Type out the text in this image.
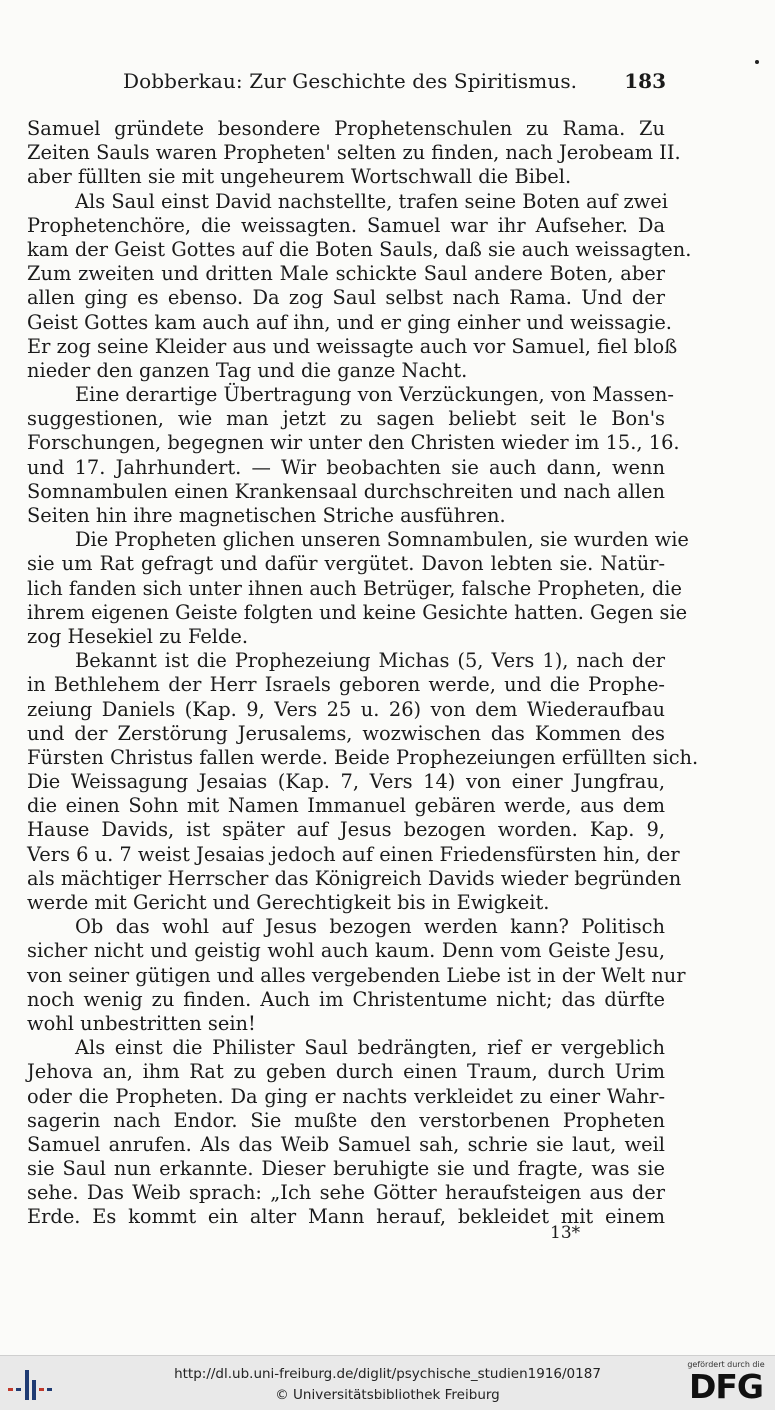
Dobberkau: Zur Geschichte des Spiritismus. 183

Samuel gründete besondere Prophetenschulen zu Rama. Zu
Zeiten Sauls waren Propheten' selten zu finden, nach Jerobeam II.
aber füllten sie mit ungeheurem Wortschwall die Bibel.

Als Saul einst David nachstellte, trafen seine Boten auf zwei
Prophetenchöre, die weissagten. Samuel war ihr Aufseher. Da
kam der Geist Gottes auf die Boten Sauls, daß sie auch weissagten.
Zum zweiten und dritten Male schickte Saul andere Boten, aber
allen ging es ebenso. Da zog Saul selbst nach Rama. Und der
Geist Gottes kam auch auf ihn, und er ging einher und weissagie.
Er zog seine Kleider aus und weissagte auch vor Samuel, fiel bloß
nieder den ganzen Tag und die ganze Nacht.

Eine derartige Übertragung von Verzückungen, von Massen-
suggestionen, wie man jetzt zu sagen beliebt seit le Bon's
Forschungen, begegnen wir unter den Christen wieder im 15., 16.
und 17. Jahrhundert. — Wir beobachten sie auch dann, wenn
Somnambulen einen Krankensaal durchschreiten und nach allen
Seiten hin ihre magnetischen Striche ausführen.

Die Propheten glichen unseren Somnambulen, sie wurden wie
sie um Rat gefragt und dafür vergütet. Davon lebten sie. Natür-
lich fanden sich unter ihnen auch Betrüger, falsche Propheten, die
ihrem eigenen Geiste folgten und keine Gesichte hatten. Gegen sie
zog Hesekiel zu Felde.

Bekannt ist die Prophezeiung Michas (5, Vers 1), nach der
in Bethlehem der Herr Israels geboren werde, und die Prophe-
zeiung Daniels (Kap. 9, Vers 25 u. 26) von dem Wiederaufbau
und der Zerstörung Jerusalems, wozwischen das Kommen des
Fürsten Christus fallen werde. Beide Prophezeiungen erfüllten sich.
Die Weissagung Jesaias (Kap. 7, Vers 14) von einer Jungfrau,
die einen Sohn mit Namen Immanuel gebären werde, aus dem
Hause Davids, ist später auf Jesus bezogen worden. Kap. 9,
Vers 6 u. 7 weist Jesaias jedoch auf einen Friedensfürsten hin, der
als mächtiger Herrscher das Königreich Davids wieder begründen
werde mit Gericht und Gerechtigkeit bis in Ewigkeit.

Ob das wohl auf Jesus bezogen werden kann? Politisch
sicher nicht und geistig wohl auch kaum. Denn vom Geiste Jesu,
von seiner gütigen und alles vergebenden Liebe ist in der Welt nur
noch wenig zu finden. Auch im Christentume nicht; das dürfte
wohl unbestritten sein!

Als einst die Philister Saul bedrängten, rief er vergeblich
Jehova an, ihm Rat zu geben durch einen Traum, durch Urim
oder die Propheten. Da ging er nachts verkleidet zu einer Wahr-
sagerin nach Endor. Sie mußte den verstorbenen Propheten
Samuel anrufen. Als das Weib Samuel sah, schrie sie laut, weil
sie Saul nun erkannte. Dieser beruhigte sie und fragte, was sie
sehe. Das Weib sprach: „Ich sehe Götter heraufsteigen aus der
Erde. Es kommt ein alter Mann herauf, bekleidet mit einem

13*
http://dl.ub.uni-freiburg.de/diglit/psychische_studien1916/0187
© Universitätsbibliothek Freiburg
gefördert durch die
DFG
